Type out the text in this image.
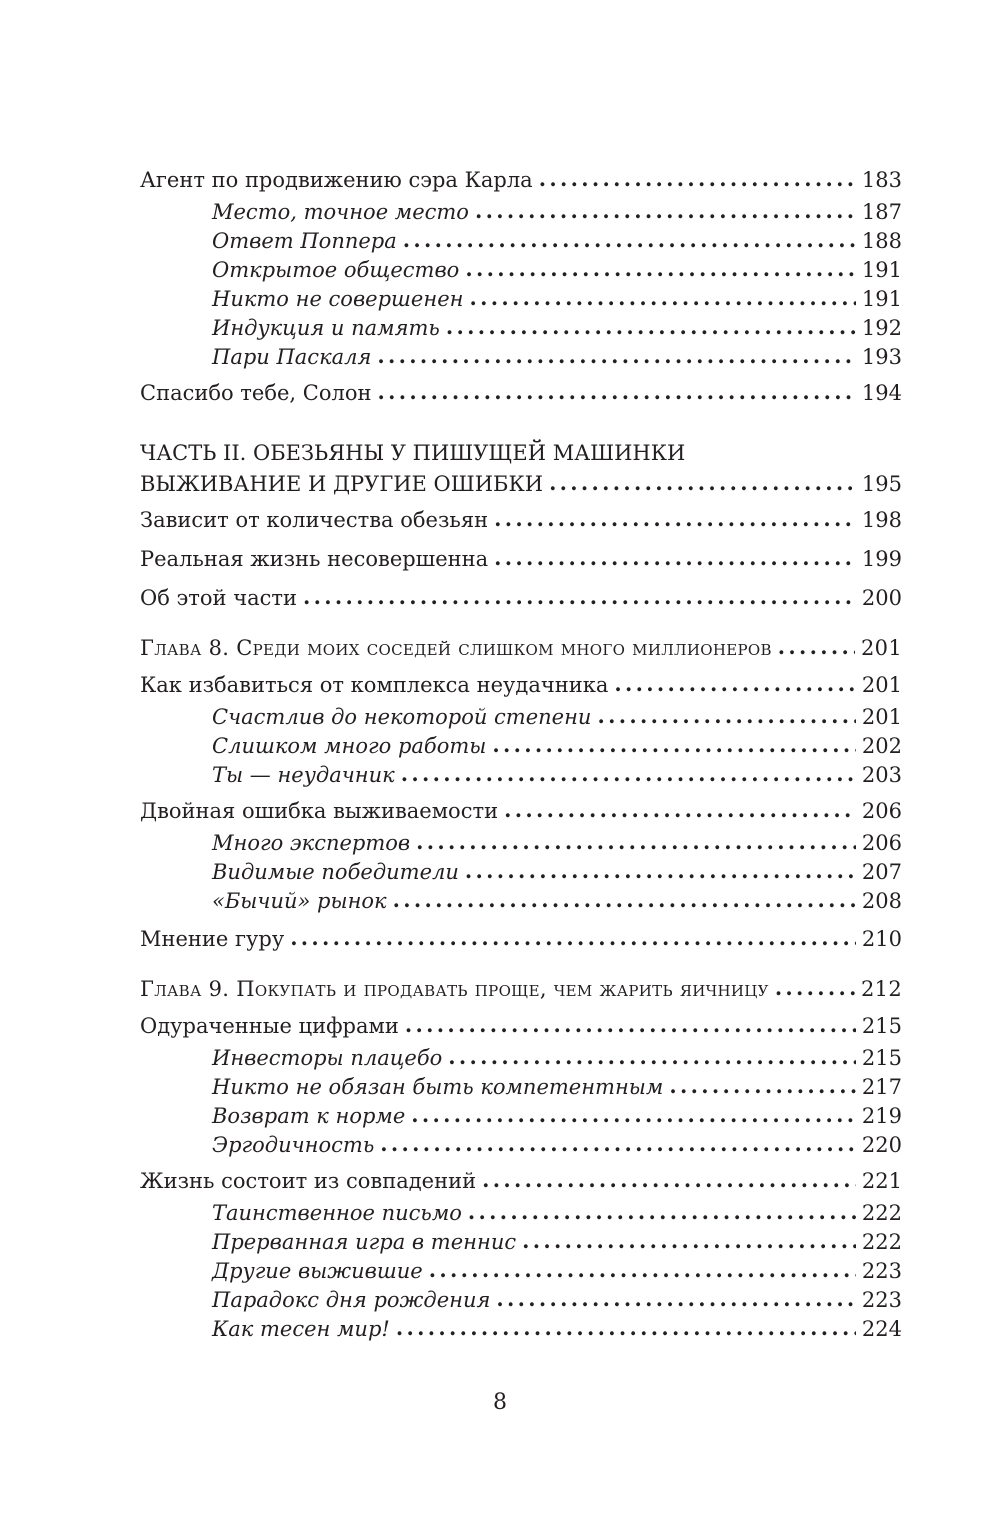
Агент по продвижению сэра Карла . . .	183
Место, точное место . . .	187
Ответ Поппера . . .	188
Открытое общество . . .	191
Никто не совершенен . . .	191
Индукция и память . . .	192
Пари Паскаля . . .	193
Спасибо тебе, Солон . . .	194
ЧАСТЬ II. ОБЕЗЬЯНЫ У ПИШУЩЕЙ МАШИНКИ
ВЫЖИВАНИЕ И ДРУГИЕ ОШИБКИ . . .	195
Зависит от количества обезьян . . .	198
Реальная жизнь несовершенна . . .	199
Об этой части . . .	200
Глава 8. Среди моих соседей слишком много миллионеров . . .	201
Как избавиться от комплекса неудачника . . .	201
Счастлив до некоторой степени . . .	201
Слишком много работы . . .	202
Ты — неудачник . . .	203
Двойная ошибка выживаемости . . .	206
Много экспертов . . .	206
Видимые победители . . .	207
«Бычий» рынок . . .	208
Мнение гуру . . .	210
Глава 9. Покупать и продавать проще, чем жарить яичницу . . .	212
Одураченные цифрами . . .	215
Инвесторы плацебо . . .	215
Никто не обязан быть компетентным . . .	217
Возврат к норме . . .	219
Эргодичность . . .	220
Жизнь состоит из совпадений . . .	221
Таинственное письмо . . .	222
Прерванная игра в теннис . . .	222
Другие выжившие . . .	223
Парадокс дня рождения . . .	223
Как тесен мир! . . .	224
8
